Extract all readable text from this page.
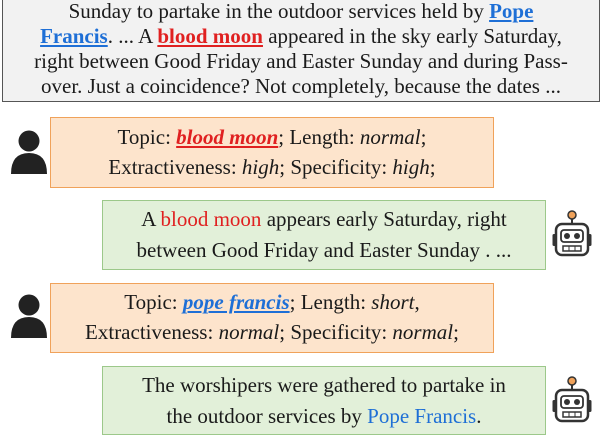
Sunday to partake in the outdoor services held by Pope
Francis. ... A blood moon appeared in the sky early Saturday,
right between Good Friday and Easter Sunday and during Pass-
over. Just a coincidence? Not completely, because the dates ...
Topic: blood moon; Length: normal;
Extractiveness: high; Specificity: high;
A blood moon appears early Saturday, right
between Good Friday and Easter Sunday . ...
Topic: pope francis; Length: short,
Extractiveness: normal; Specificity: normal;
The worshipers were gathered to partake in
the outdoor services by Pope Francis.
